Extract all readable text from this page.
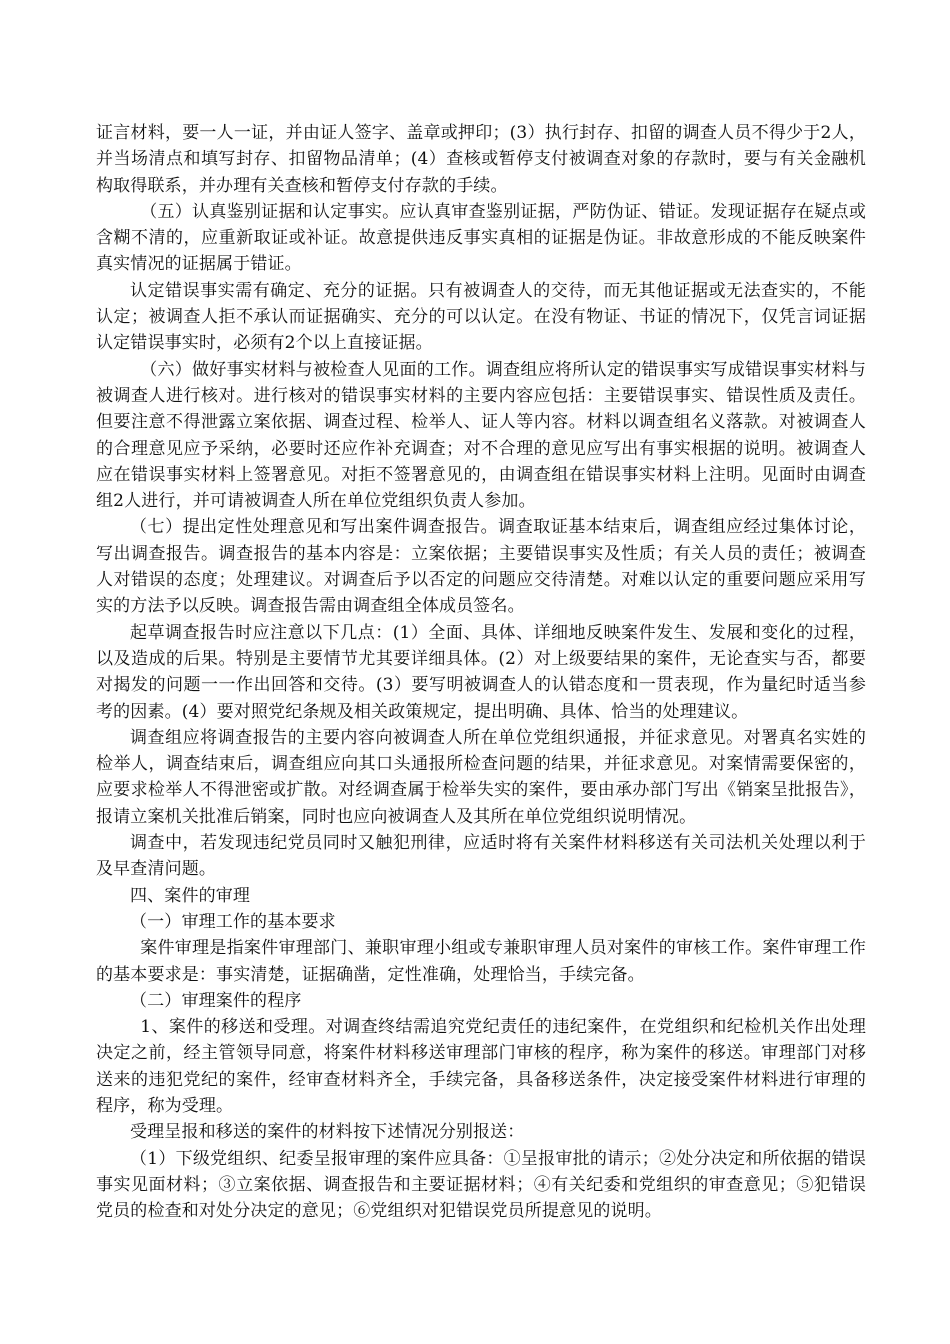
证言材料，要一人一证，并由证人签字、盖章或押印；(3）执行封存、扣留的调查人员不得少于2人，并当场清点和填写封存、扣留物品清单；(4）查核或暂停支付被调查对象的存款时，要与有关金融机构取得联系，并办理有关查核和暂停支付存款的手续。

（五）认真鉴别证据和认定事实。应认真审查鉴别证据，严防伪证、错证。发现证据存在疑点或含糊不清的，应重新取证或补证。故意提供违反事实真相的证据是伪证。非故意形成的不能反映案件真实情况的证据属于错证。

认定错误事实需有确定、充分的证据。只有被调查人的交待，而无其他证据或无法查实的，不能认定；被调查人拒不承认而证据确实、充分的可以认定。在没有物证、书证的情况下，仅凭言词证据认定错误事实时，必须有2个以上直接证据。

（六）做好事实材料与被检查人见面的工作。调查组应将所认定的错误事实写成错误事实材料与被调查人进行核对。进行核对的错误事实材料的主要内容应包括：主要错误事实、错误性质及责任。但要注意不得泄露立案依据、调查过程、检举人、证人等内容。材料以调查组名义落款。对被调查人的合理意见应予采纳，必要时还应作补充调查；对不合理的意见应写出有事实根据的说明。被调查人应在错误事实材料上签署意见。对拒不签署意见的，由调查组在错误事实材料上注明。见面时由调查组2人进行，并可请被调查人所在单位党组织负责人参加。

（七）提出定性处理意见和写出案件调查报告。调查取证基本结束后，调查组应经过集体讨论，写出调查报告。调查报告的基本内容是：立案依据；主要错误事实及性质；有关人员的责任；被调查人对错误的态度；处理建议。对调查后予以否定的问题应交待清楚。对难以认定的重要问题应采用写实的方法予以反映。调查报告需由调查组全体成员签名。

起草调查报告时应注意以下几点：(1）全面、具体、详细地反映案件发生、发展和变化的过程，以及造成的后果。特别是主要情节尤其要详细具体。(2）对上级要结果的案件，无论查实与否，都要对揭发的问题一一作出回答和交待。(3）要写明被调查人的认错态度和一贯表现，作为量纪时适当参考的因素。(4）要对照党纪条规及相关政策规定，提出明确、具体、恰当的处理建议。

调查组应将调查报告的主要内容向被调查人所在单位党组织通报，并征求意见。对署真名实姓的检举人，调查结束后，调查组应向其口头通报所检查问题的结果，并征求意见。对案情需要保密的，应要求检举人不得泄密或扩散。对经调查属于检举失实的案件，要由承办部门写出《销案呈批报告》，报请立案机关批准后销案，同时也应向被调查人及其所在单位党组织说明情况。

调查中，若发现违纪党员同时又触犯刑律，应适时将有关案件材料移送有关司法机关处理以利于及早查清问题。

四、案件的审理

（一）审理工作的基本要求

案件审理是指案件审理部门、兼职审理小组或专兼职审理人员对案件的审核工作。案件审理工作的基本要求是：事实清楚，证据确凿，定性准确，处理恰当，手续完备。

（二）审理案件的程序

1、案件的移送和受理。对调查终结需追究党纪责任的违纪案件，在党组织和纪检机关作出处理决定之前，经主管领导同意，将案件材料移送审理部门审核的程序，称为案件的移送。审理部门对移送来的违犯党纪的案件，经审查材料齐全，手续完备，具备移送条件，决定接受案件材料进行审理的程序，称为受理。

受理呈报和移送的案件的材料按下述情况分别报送：

（1）下级党组织、纪委呈报审理的案件应具备：①呈报审批的请示；②处分决定和所依据的错误事实见面材料；③立案依据、调查报告和主要证据材料；④有关纪委和党组织的审查意见；⑤犯错误党员的检查和对处分决定的意见；⑥党组织对犯错误党员所提意见的说明。
